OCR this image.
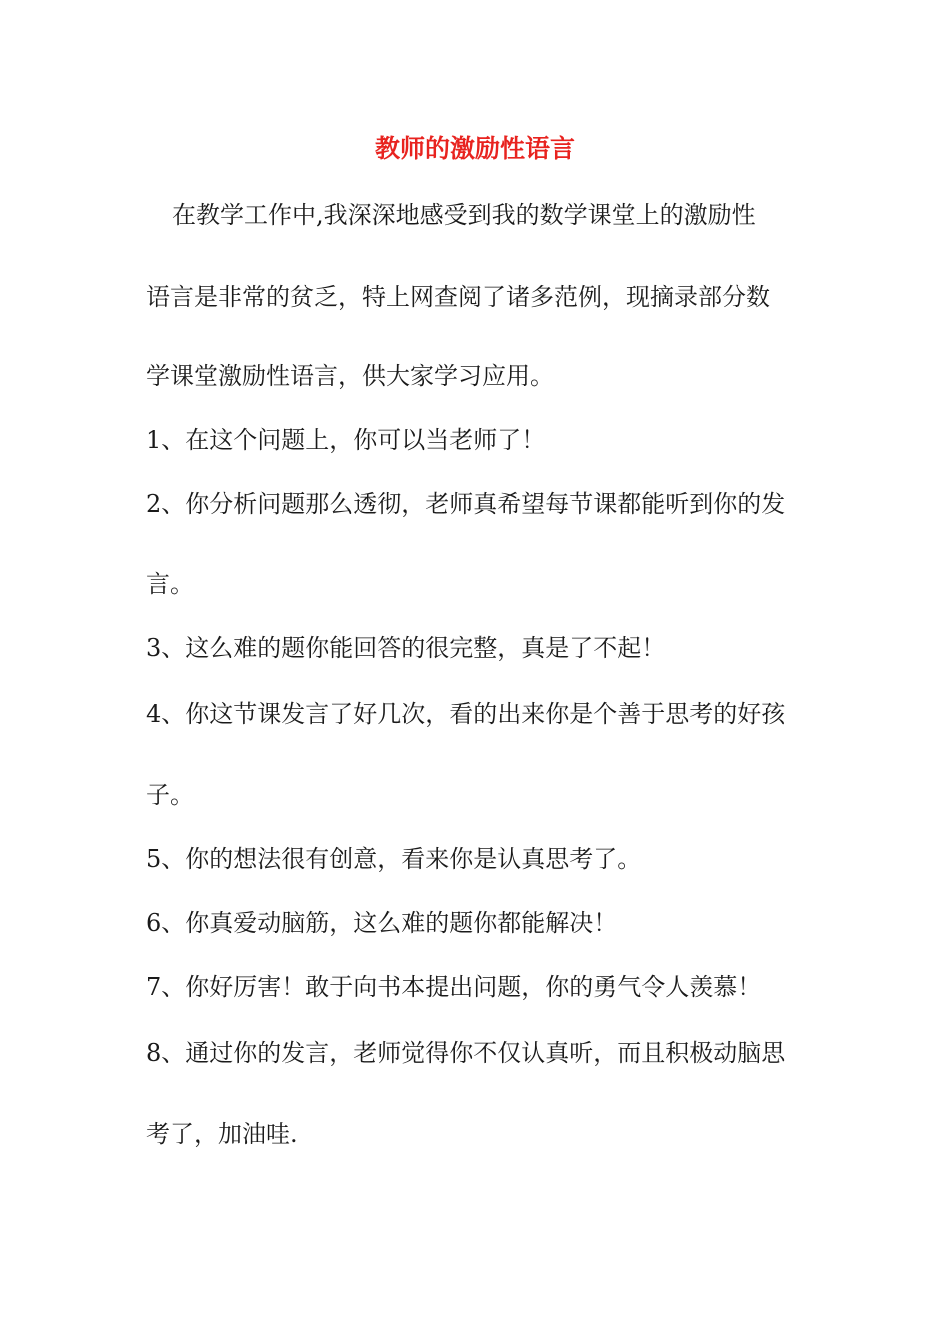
教师的激励性语言
在教学工作中,我深深地感受到我的数学课堂上的激励性
语言是非常的贫乏，特上网查阅了诸多范例，现摘录部分数
学课堂激励性语言，供大家学习应用。
1、在这个问题上，你可以当老师了！
2、你分析问题那么透彻，老师真希望每节课都能听到你的发
言。
3、这么难的题你能回答的很完整，真是了不起！
4、你这节课发言了好几次，看的出来你是个善于思考的好孩
子。
5、你的想法很有创意，看来你是认真思考了。
6、你真爱动脑筋，这么难的题你都能解决！
7、你好厉害！敢于向书本提出问题，你的勇气令人羡慕！
8、通过你的发言，老师觉得你不仅认真听，而且积极动脑思
考了，加油哇.
